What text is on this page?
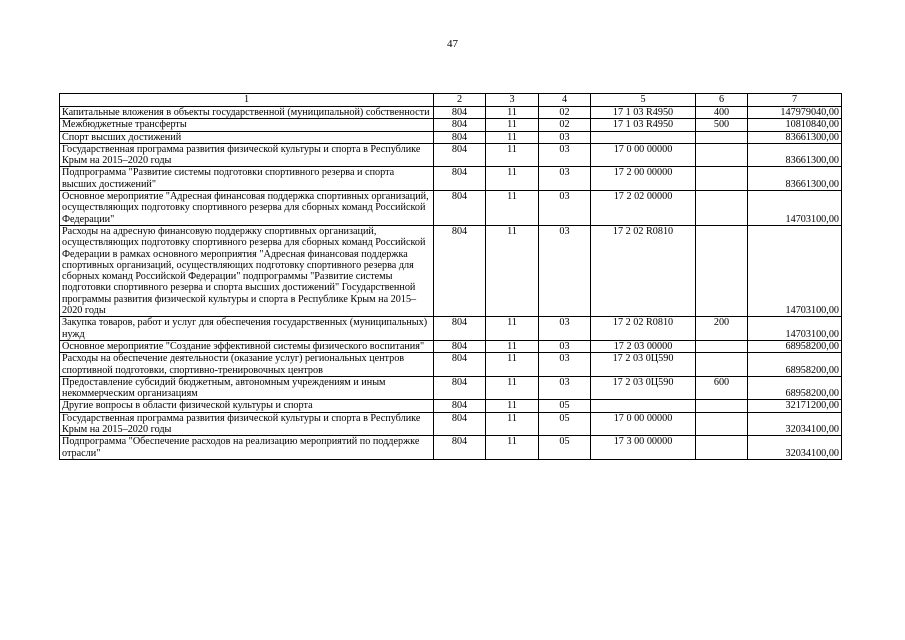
47
1	2	3	4	5	6	7
Капитальные вложения в объекты государственной (муниципальной) собственности	804	11	02	17 1 03 R4950	400	147979040,00
Межбюджетные трансферты	804	11	02	17 1 03 R4950	500	10810840,00
Спорт высших достижений	804	11	03			83661300,00
Государственная программа развития физической культуры и спорта в Республике Крым на 2015–2020 годы	804	11	03	17 0 00 00000		83661300,00
Подпрограмма "Развитие системы подготовки спортивного резерва и спорта высших достижений"	804	11	03	17 2 00 00000		83661300,00
Основное мероприятие "Адресная финансовая поддержка спортивных организаций, осуществляющих подготовку спортивного резерва для сборных команд Российской Федерации"	804	11	03	17 2 02 00000		14703100,00
Расходы на адресную финансовую поддержку спортивных организаций, осуществляющих подготовку спортивного резерва для сборных команд Российской Федерации в рамках основного мероприятия "Адресная финансовая поддержка спортивных организаций, осуществляющих подготовку спортивного резерва для сборных команд Российской Федерации" подпрограммы "Развитие системы подготовки спортивного резерва и спорта высших достижений" Государственной программы развития физической культуры и спорта в Республике Крым на 2015–2020 годы	804	11	03	17 2 02 R0810		14703100,00
Закупка товаров, работ и услуг для обеспечения государственных (муниципальных) нужд	804	11	03	17 2 02 R0810	200	14703100,00
Основное мероприятие "Создание эффективной системы физического воспитания"	804	11	03	17 2 03 00000		68958200,00
Расходы на обеспечение деятельности (оказание услуг) региональных центров спортивной подготовки, спортивно-тренировочных центров	804	11	03	17 2 03 0Ц590		68958200,00
Предоставление субсидий бюджетным, автономным учреждениям и иным некоммерческим организациям	804	11	03	17 2 03 0Ц590	600	68958200,00
Другие вопросы в области физической культуры и спорта	804	11	05			32171200,00
Государственная программа развития физической культуры и спорта в Республике Крым на 2015–2020 годы	804	11	05	17 0 00 00000		32034100,00
Подпрограмма "Обеспечение расходов на реализацию мероприятий по поддержке отрасли"	804	11	05	17 3 00 00000		32034100,00
